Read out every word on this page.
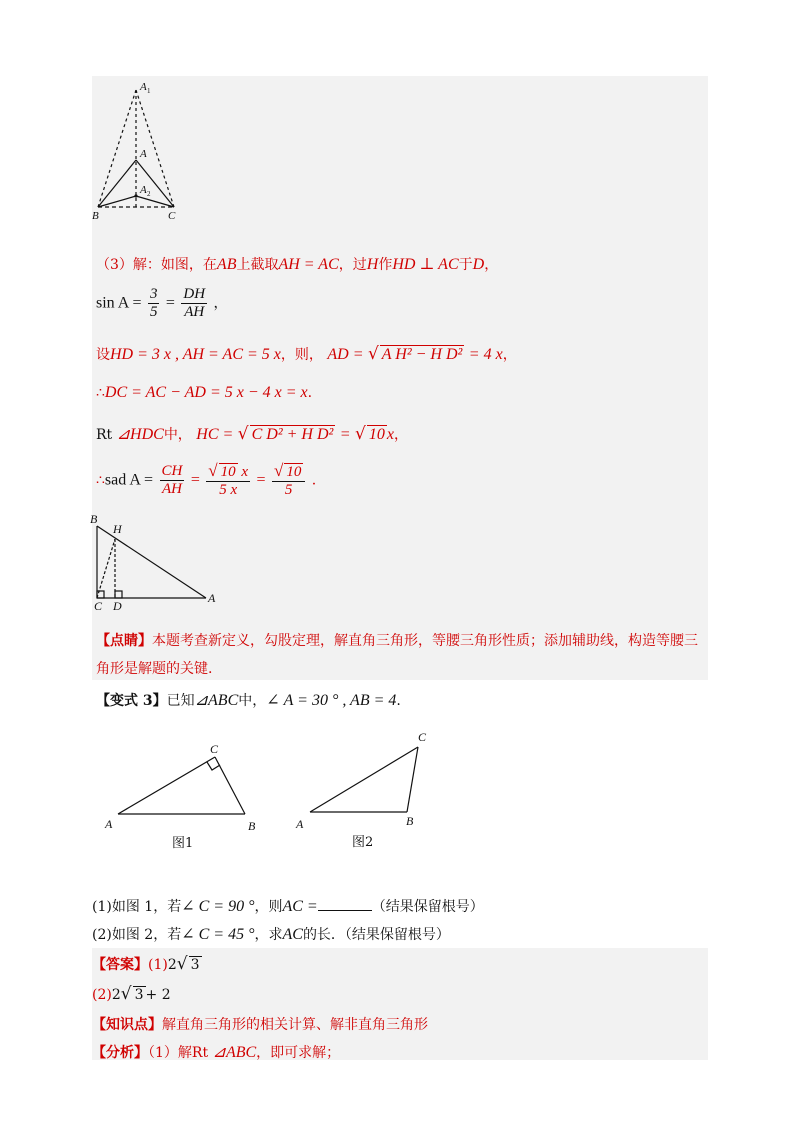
A 1
A
A 2
B	C
（3）解：如图，在AB上截取AH = AC，过H作HD ⊥ AC于D，
$\sin A = \frac{3}{5} = \frac{DH}{AH}$ ，
设HD = 3 x , AH = AC = 5 x，则， AD = √ A H² − H D² = 4 x，
∴DC = AC − AD = 5 x − 4 x = x.
Rt ⊿HDC中， HC = √ C D² + H D² = √ 10 x，
∴sad $A = \frac{CH}{AH} = \frac{√ 10 x}{5 x} = \frac{√ 10}{5}$ .
B
H
C D
A
【点睛】本题考查新定义，勾股定理，解直角三角形，等腰三角形性质；添加辅助线，构造等腰三
角形是解题的关键.
【变式 3】已知⊿ABC中，∠ A = 30 ° , AB = 4.
A	B
C
图1
A	B
C
图2
(1)如图 1，若∠ C = 90 °，则AC =	（结果保留根号）
(2)如图 2，若∠ C = 45 °，求AC的长．（结果保留根号）
【答案】(1)2√ 3
(2)2√ 3 + 2
【知识点】解直角三角形的相关计算、解非直角三角形
【分析】（1）解Rt ⊿ABC，即可求解；
